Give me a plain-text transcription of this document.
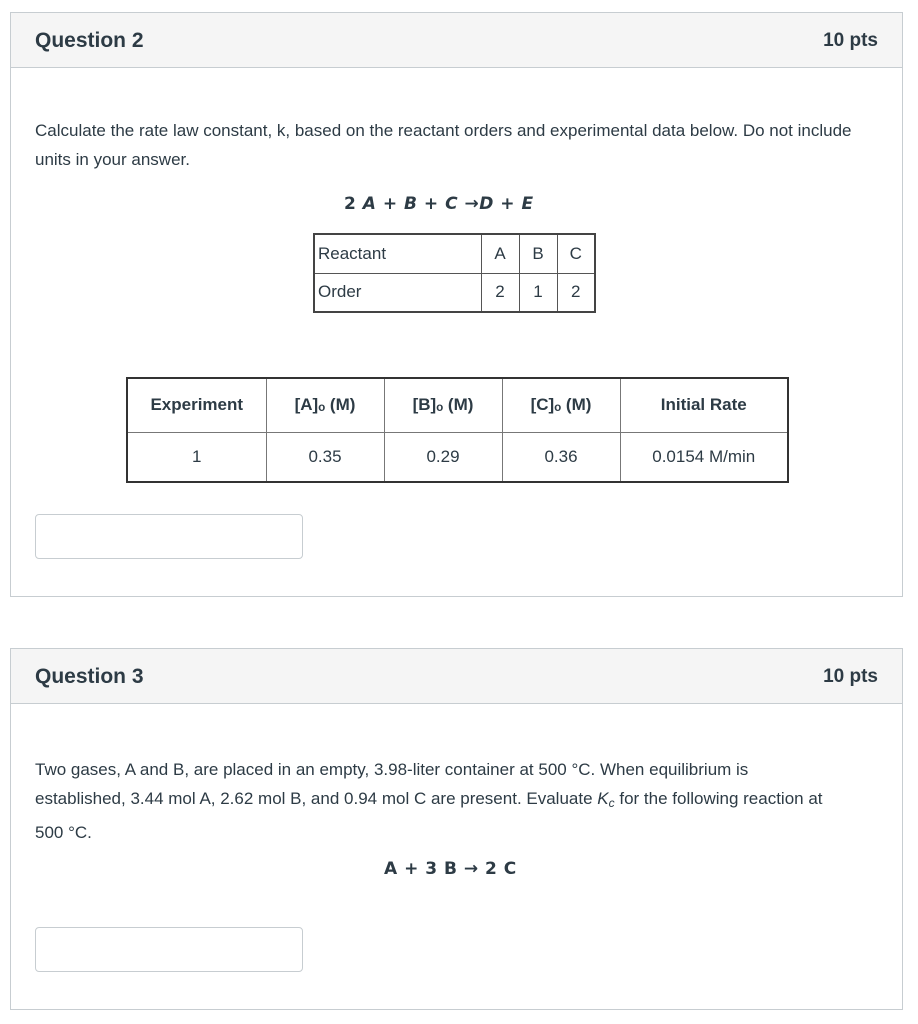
Question 2	10 pts
Calculate the rate law constant, k, based on the reactant orders and experimental data below. Do not include units in your answer.
2 A + B + C →D + E
Reactant	A	B	C
Order	2	1	2
Experiment	[A]ₒ (M)	[B]ₒ (M)	[C]ₒ (M)	Initial Rate
1	0.35	0.29	0.36	0.0154 M/min
Question 3	10 pts
Two gases, A and B, are placed in an empty, 3.98-liter container at 500 °C. When equilibrium is established, 3.44 mol A, 2.62 mol B, and 0.94 mol C are present. Evaluate $K_c$ for the following reaction at 500 °C.
A + 3 B → 2 C
